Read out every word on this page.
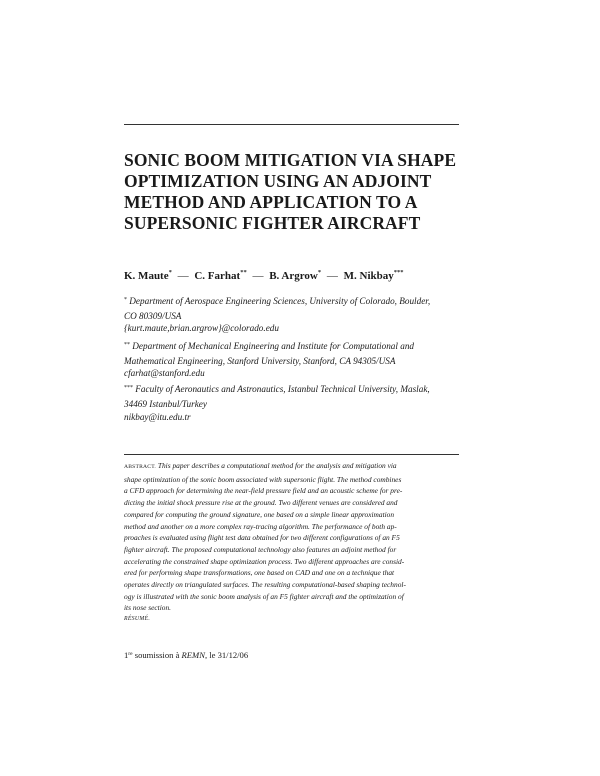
SONIC BOOM MITIGATION VIA SHAPE
OPTIMIZATION USING AN ADJOINT
METHOD AND APPLICATION TO A
SUPERSONIC FIGHTER AIRCRAFT
K. Maute* — C. Farhat** — B. Argrow* — M. Nikbay***
* Department of Aerospace Engineering Sciences, University of Colorado, Boulder,
CO 80309/USA
{kurt.maute,brian.argrow}@colorado.edu
** Department of Mechanical Engineering and Institute for Computational and
Mathematical Engineering, Stanford University, Stanford, CA 94305/USA
cfarhat@stanford.edu
*** Faculty of Aeronautics and Astronautics, Istanbul Technical University, Maslak,
34469 Istanbul/Turkey
nikbay@itu.edu.tr
ABSTRACT. This paper describes a computational method for the analysis and mitigation via
shape optimization of the sonic boom associated with supersonic flight. The method combines
a CFD approach for determining the near-field pressure field and an acoustic scheme for pre-
dicting the initial shock pressure rise at the ground. Two different venues are considered and
compared for computing the ground signature, one based on a simple linear approximation
method and another on a more complex ray-tracing algorithm. The performance of both ap-
proaches is evaluated using flight test data obtained for two different configurations of an F5
fighter aircraft. The proposed computational technology also features an adjoint method for
accelerating the constrained shape optimization process. Two different approaches are consid-
ered for performing shape transformations, one based on CAD and one on a technique that
operates directly on triangulated surfaces. The resulting computational-based shaping technol-
ogy is illustrated with the sonic boom analysis of an F5 fighter aircraft and the optimization of
its nose section.
RÉSUMÉ.
1re soumission à REMN, le 31/12/06
